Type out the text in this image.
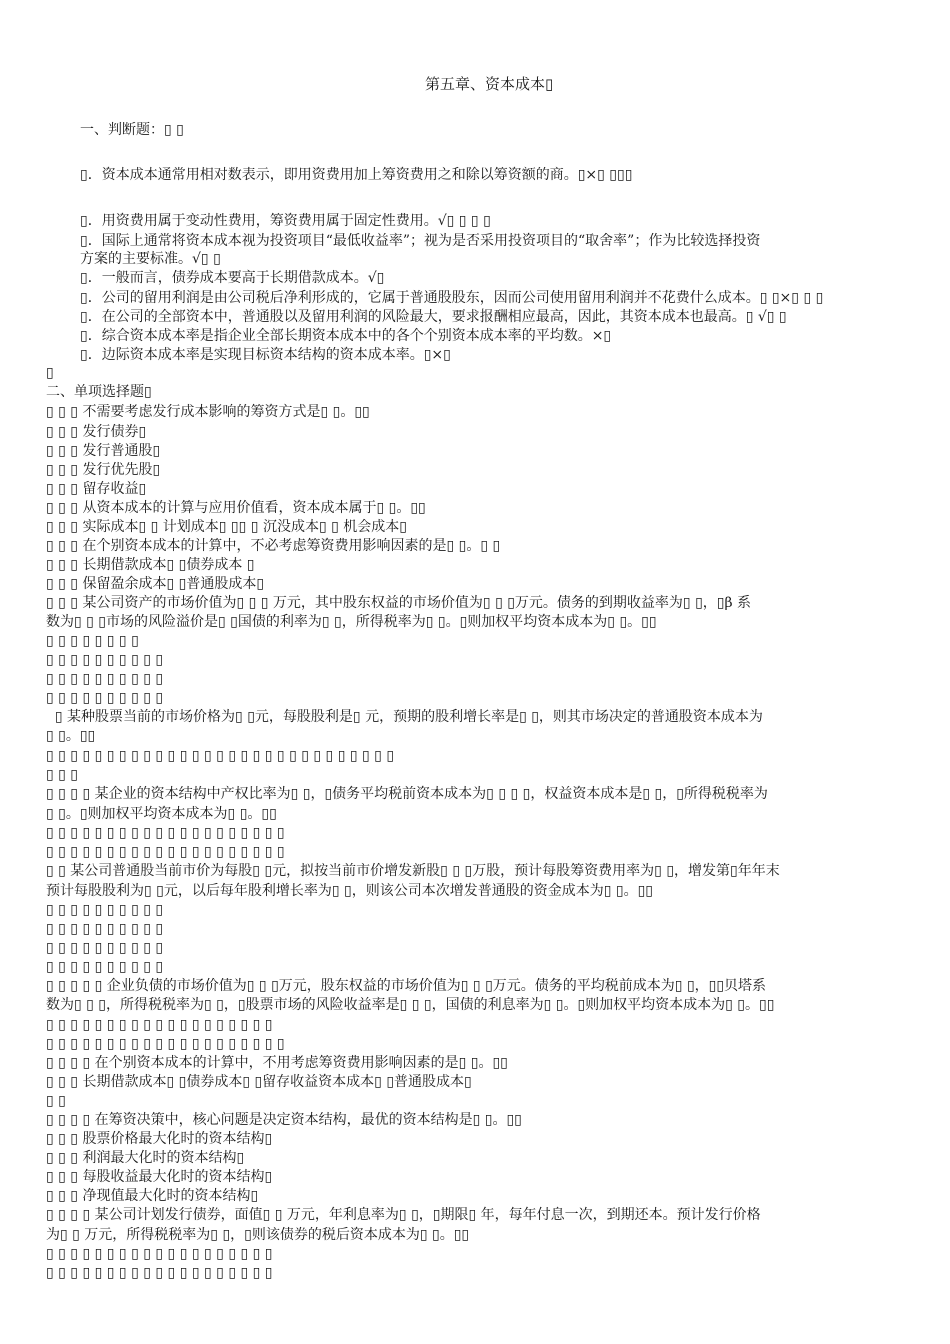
第五章、资本成本▯
一、判断题：▯ ▯
▯．资本成本通常用相对数表示，即用资费用加上筹资费用之和除以筹资额的商。▯×▯ ▯▯▯
▯．用资费用属于变动性费用，筹资费用属于固定性费用。√▯ ▯ ▯ ▯
▯．国际上通常将资本成本视为投资项目“最低收益率”；视为是否采用投资项目的“取舍率”；作为比较选择投资
方案的主要标准。√▯ ▯
▯．一般而言，债券成本要高于长期借款成本。√▯
▯．公司的留用利润是由公司税后净利形成的，它属于普通股股东，因而公司使用留用利润并不花费什么成本。▯ ▯×▯ ▯ ▯
▯．在公司的全部资本中，普通股以及留用利润的风险最大，要求报酬相应最高，因此，其资本成本也最高。▯ √▯ ▯
▯．综合资本成本率是指企业全部长期资本成本中的各个个别资本成本率的平均数。×▯
▯．边际资本成本率是实现目标资本结构的资本成本率。▯×▯
▯
二、单项选择题▯
▯ ▯ ▯ 不需要考虑发行成本影响的筹资方式是▯ ▯。▯▯
▯ ▯ ▯ 发行债券▯
▯ ▯ ▯ 发行普通股▯
▯ ▯ ▯ 发行优先股▯
▯ ▯ ▯ 留存收益▯
▯ ▯ ▯ 从资本成本的计算与应用价值看，资本成本属于▯ ▯。▯▯
▯ ▯ ▯ 实际成本▯ ▯ 计划成本▯ ▯▯ ▯ 沉没成本▯ ▯ 机会成本▯
▯ ▯ ▯ 在个别资本成本的计算中，不必考虑筹资费用影响因素的是▯ ▯。▯ ▯
▯ ▯ ▯ 长期借款成本▯ ▯债券成本 ▯
▯ ▯ ▯ 保留盈余成本▯ ▯普通股成本▯
▯ ▯ ▯ 某公司资产的市场价值为▯ ▯ ▯ 万元，其中股东权益的市场价值为▯ ▯ ▯万元。债务的到期收益率为▯ ▯，▯β 系
数为▯ ▯ ▯市场的风险溢价是▯ ▯国债的利率为▯ ▯，所得税率为▯ ▯。▯则加权平均资本成本为▯ ▯。▯▯
▯ ▯ ▯ ▯ ▯ ▯ ▯ ▯
▯ ▯ ▯ ▯ ▯ ▯ ▯ ▯ ▯ ▯
▯ ▯ ▯ ▯ ▯ ▯ ▯ ▯ ▯ ▯
▯ ▯ ▯ ▯ ▯ ▯ ▯ ▯ ▯ ▯
▯ 某种股票当前的市场价格为▯ ▯元，每股股利是▯ 元，预期的股利增长率是▯ ▯，则其市场决定的普通股资本成本为
▯ ▯。▯▯
▯ ▯ ▯ ▯ ▯ ▯ ▯ ▯ ▯ ▯ ▯ ▯ ▯ ▯ ▯ ▯ ▯ ▯ ▯ ▯ ▯ ▯ ▯ ▯ ▯ ▯ ▯ ▯ ▯
▯ ▯ ▯
▯ ▯ ▯ ▯ 某企业的资本结构中产权比率为▯ ▯，▯债务平均税前资本成本为▯ ▯ ▯ ▯，权益资本成本是▯ ▯，▯所得税税率为
▯ ▯。▯则加权平均资本成本为▯ ▯。▯▯
▯ ▯ ▯ ▯ ▯ ▯ ▯ ▯ ▯ ▯ ▯ ▯ ▯ ▯ ▯ ▯ ▯ ▯ ▯ ▯
▯ ▯ ▯ ▯ ▯ ▯ ▯ ▯ ▯ ▯ ▯ ▯ ▯ ▯ ▯ ▯ ▯ ▯ ▯ ▯
▯ ▯ 某公司普通股当前市价为每股▯ ▯元，拟按当前市价增发新股▯ ▯ ▯万股，预计每股筹资费用率为▯ ▯，增发第▯年年末
预计每股股利为▯ ▯元，以后每年股利增长率为▯ ▯，则该公司本次增发普通股的资金成本为▯ ▯。▯▯
▯ ▯ ▯ ▯ ▯ ▯ ▯ ▯ ▯ ▯
▯ ▯ ▯ ▯ ▯ ▯ ▯ ▯ ▯ ▯
▯ ▯ ▯ ▯ ▯ ▯ ▯ ▯ ▯ ▯
▯ ▯ ▯ ▯ ▯ ▯ ▯ ▯ ▯ ▯
▯ ▯ ▯ ▯ ▯ 企业负债的市场价值为▯ ▯ ▯万元，股东权益的市场价值为▯ ▯ ▯万元。债务的平均税前成本为▯ ▯，▯▯贝塔系
数为▯ ▯ ▯，所得税税率为▯ ▯，▯股票市场的风险收益率是▯ ▯ ▯，国债的利息率为▯ ▯。▯则加权平均资本成本为▯ ▯。▯▯
▯ ▯ ▯ ▯ ▯ ▯ ▯ ▯ ▯ ▯ ▯ ▯ ▯ ▯ ▯ ▯ ▯ ▯ ▯
▯ ▯ ▯ ▯ ▯ ▯ ▯ ▯ ▯ ▯ ▯ ▯ ▯ ▯ ▯ ▯ ▯ ▯ ▯ ▯
▯ ▯ ▯ ▯ 在个别资本成本的计算中，不用考虑筹资费用影响因素的是▯ ▯。▯▯
▯ ▯ ▯ 长期借款成本▯ ▯债券成本▯ ▯留存收益资本成本▯ ▯普通股成本▯
▯ ▯
▯ ▯ ▯ ▯ 在筹资决策中，核心问题是决定资本结构，最优的资本结构是▯ ▯。▯▯
▯ ▯ ▯ 股票价格最大化时的资本结构▯
▯ ▯ ▯ 利润最大化时的资本结构▯
▯ ▯ ▯ 每股收益最大化时的资本结构▯
▯ ▯ ▯ 净现值最大化时的资本结构▯
▯ ▯ ▯ ▯ 某公司计划发行债券，面值▯ ▯ 万元，年利息率为▯ ▯，▯期限▯ 年，每年付息一次，到期还本。预计发行价格
为▯ ▯ 万元，所得税税率为▯ ▯，▯则该债券的税后资本成本为▯ ▯。▯▯
▯ ▯ ▯ ▯ ▯ ▯ ▯ ▯ ▯ ▯ ▯ ▯ ▯ ▯ ▯ ▯ ▯ ▯ ▯
▯ ▯ ▯ ▯ ▯ ▯ ▯ ▯ ▯ ▯ ▯ ▯ ▯ ▯ ▯ ▯ ▯ ▯ ▯
